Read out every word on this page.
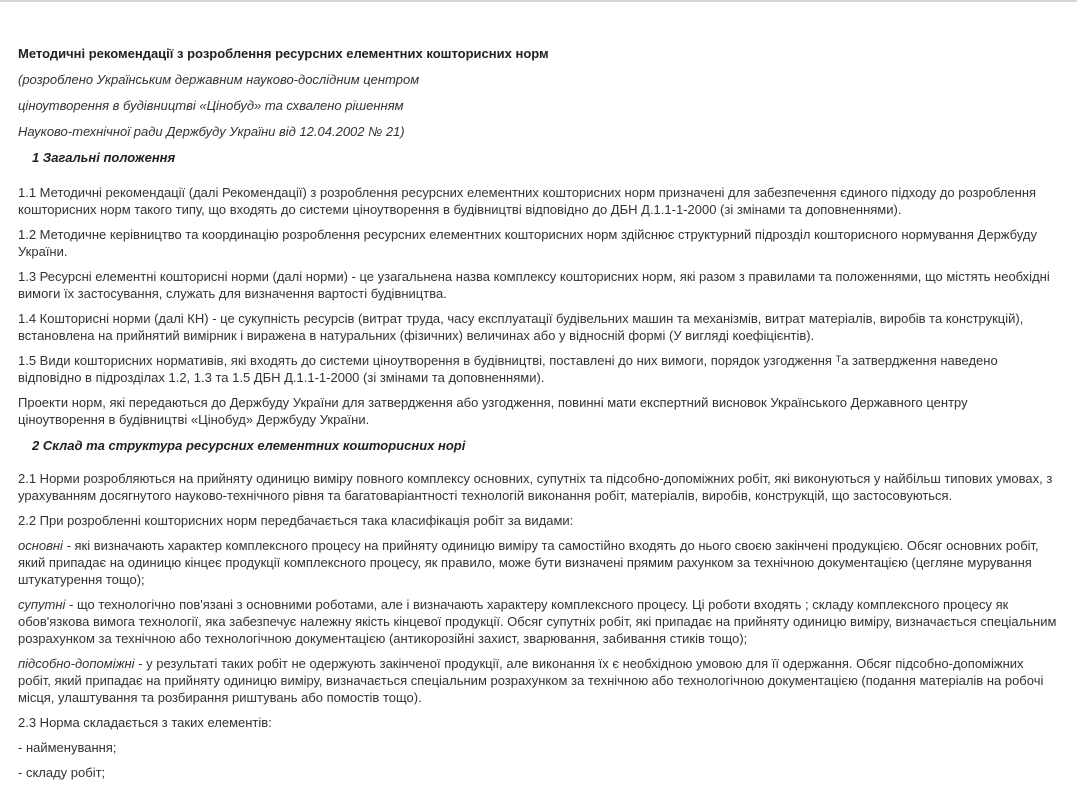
Методичні рекомендації з розроблення ресурсних елементних кошторисних норм

(розроблено Українським державним науково-дослідним центром

ціноутворення в будівництві «Цінобуд» та схвалено рішенням

Науково-технічної ради Держбуду України від 12.04.2002 № 21)

1 Загальні положення

1.1 Методичні рекомендації (далі Рекомендації) з розроблення ресурсних елементних кошторисних норм призначені для забезпечення єдиного підходу до розроблення кошторисних норм такого типу, що входять до системи ціноутворення в будівництві відповідно до ДБН Д.1.1-1-2000 (зі змінами та доповненнями).

1.2 Методичне керівництво та координацію розроблення ресурсних елементних кошторисних норм здійснює структурний підрозділ кошторисного нормування Держбуду України.

1.3 Ресурсні елементні кошторисні норми (далі норми) - це узагальнена назва комплексу кошторисних норм, які разом з правилами та положеннями, що містять необхідні вимоги їх застосування, служать для визначення вартості будівництва.

1.4 Кошторисні норми (далі КН) - це сукупність ресурсів (витрат труда, часу експлуатації будівельних машин та механізмів, витрат матеріалів, виробів та конструкцій), встановлена на прийнятий вимірник і виражена в натуральних (фізичних) величинах або у відносній формі (У вигляді коефіцієнтів).

1.5 Види кошторисних нормативів, які входять до системи ціноутворення в будівництві, поставлені до них вимоги, порядок узгодження ᵀа затвердження наведено відповідно в підрозділах 1.2, 1.3 та 1.5 ДБН Д.1.1-1-2000 (зі змінами та доповненнями).

Проекти норм, які передаються до Держбуду України для затвердження або узгодження, повинні мати експертний висновок Українського Державного центру ціноутворення в будівництві «Цінобуд» Держбуду України.

2 Склад та структура ресурсних елементних кошторисних норі

2.1 Норми розробляються на прийняту одиницю виміру повного комплексу основних, супутніх та підсобно-допоміжних робіт, які виконуються у найбільш типових умовах, з урахуванням досягнутого науково-технічного рівня та багатоваріантності технологій виконання робіт, матеріалів, виробів, конструкцій, що застосовуються.

2.2 При розробленні кошторисних норм передбачається така класифікація робіт за видами:

основні - які визначають характер комплексного процесу на прийняту одиницю виміру та самостійно входять до нього своєю закінчені продукцією. Обсяг основних робіт, який припадає на одиницю кінцеє продукції комплексного процесу, як правило, може бути визначені прямим рахунком за технічною документацією (цегляне мурування штукатурення тощо);

супутні - що технологічно пов'язані з основними роботами, але і визначають характеру комплексного процесу. Ці роботи входять ; складу комплексного процесу як обов'язкова вимога технології, яка забезпечує належну якість кінцевої продукції. Обсяг супутніх робіт, які припадає на прийняту одиницю виміру, визначається спеціальним розрахунком за технічною або технологічною документацією (антикорозійні захист, зварювання, забивання стиків тощо);

підсобно-допоміжні - у результаті таких робіт не одержують закінченої продукції, але виконання їх є необхідною умовою для її одержання. Обсяг підсобно-допоміжних робіт, який припадає на прийняту одиницю виміру, визначається спеціальним розрахунком за технічною або технологічною документацією (подання матеріалів на робочі місця, улаштування та розбирання риштувань або помостів тощо).

2.3 Норма складається з таких елементів:

- найменування;

- складу робіт;
